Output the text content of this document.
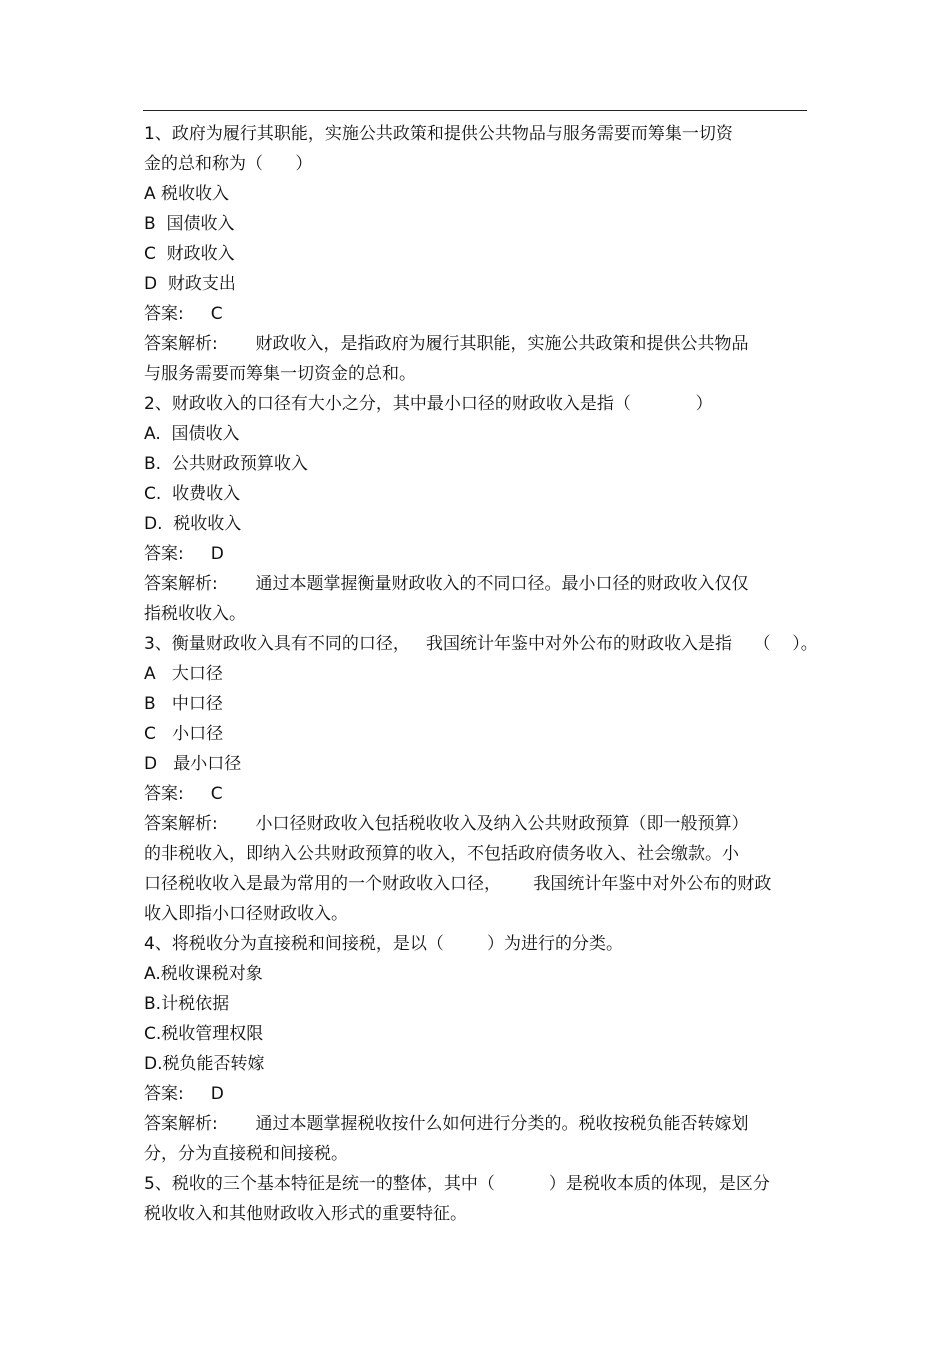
1、政府为履行其职能，实施公共政策和提供公共物品与服务需要而筹集一切资
金的总和称为（      ）
A 税收收入
B  国债收入
C  财政收入
D  财政支出
答案:     C
答案解析:       财政收入，是指政府为履行其职能，实施公共政策和提供公共物品
与服务需要而筹集一切资金的总和。
2、财政收入的口径有大小之分，其中最小口径的财政收入是指（            ）
A.  国债收入
B.  公共财政预算收入
C.  收费收入
D.  税收收入
答案:     D
答案解析:       通过本题掌握衡量财政收入的不同口径。最小口径的财政收入仅仅
指税收收入。
3、衡量财政收入具有不同的口径，   我国统计年鉴中对外公布的财政收入是指    （    ）。
A   大口径
B   中口径
C   小口径
D   最小口径
答案:     C
答案解析:       小口径财政收入包括税收收入及纳入公共财政预算（即一般预算）
的非税收入，即纳入公共财政预算的收入，不包括政府债务收入、社会缴款。小
口径税收收入是最为常用的一个财政收入口径，      我国统计年鉴中对外公布的财政
收入即指小口径财政收入。
4、将税收分为直接税和间接税，是以（        ）为进行的分类。
A.税收课税对象
B.计税依据
C.税收管理权限
D.税负能否转嫁
答案:     D
答案解析:       通过本题掌握税收按什么如何进行分类的。税收按税负能否转嫁划
分，分为直接税和间接税。
5、税收的三个基本特征是统一的整体，其中（          ）是税收本质的体现，是区分
税收收入和其他财政收入形式的重要特征。
